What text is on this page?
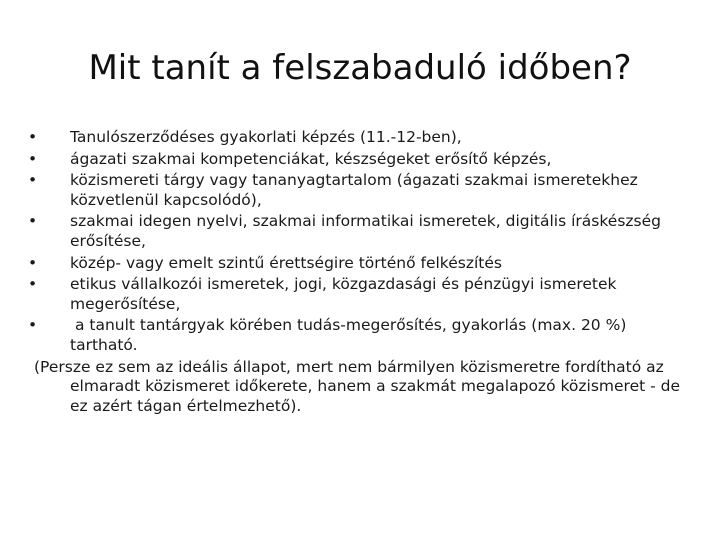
Mit tanít a felszabaduló időben?
•	Tanulószerződéses gyakorlati képzés (11.-12-ben),
•	ágazati szakmai kompetenciákat, készségeket erősítő képzés,
•	közismereti tárgy vagy tananyagtartalom (ágazati szakmai ismeretekhez közvetlenül kapcsolódó),
•	szakmai idegen nyelvi, szakmai informatikai ismeretek, digitális íráskészség erősítése,
•	közép- vagy emelt szintű érettségire történő felkészítés
•	etikus vállalkozói ismeretek, jogi, közgazdasági és pénzügyi ismeretek megerősítése,
•	a tanult tantárgyak körében tudás-megerősítés, gyakorlás (max. 20 %) tartható.

(Persze ez sem az ideális állapot, mert nem bármilyen közismeretre fordítható az elmaradt közismeret időkerete, hanem a szakmát megalapozó közismeret - de ez azért tágan értelmezhető).
